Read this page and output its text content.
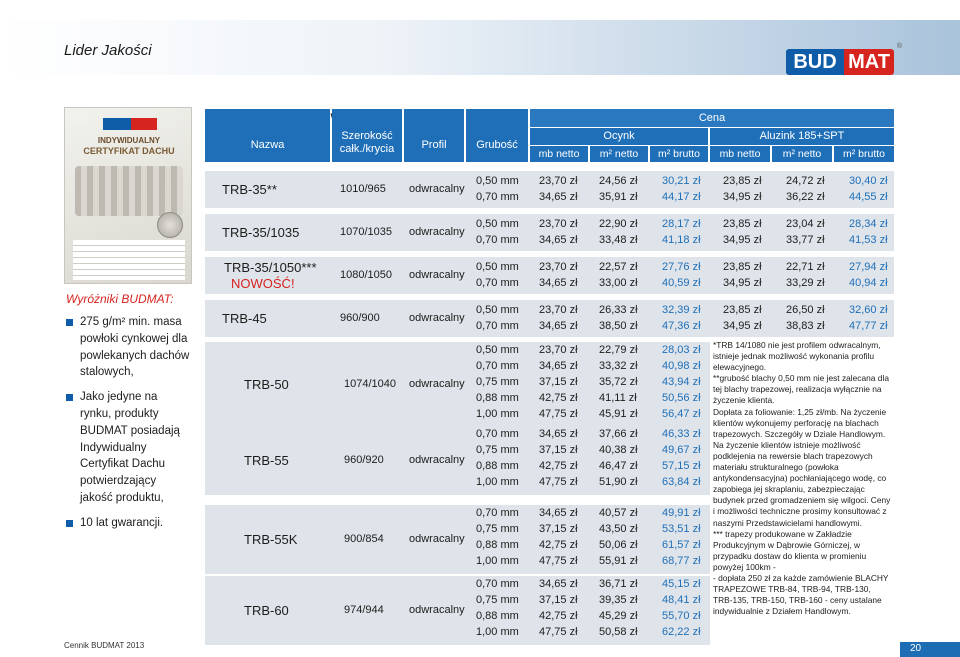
Lider Jakości
BUD MAT
®
INDYWIDUALNY
CERTYFIKAT DACHU
Wyróżniki BUDMAT:
275 g/m² min. masa powłoki cynkowej dla powlekanych dachów stalowych,
Jako jedyne na rynku, produkty BUDMAT posiadają Indywidualny Certyfikat Dachu potwierdzający jakość produktu,
10 lat gwarancji.
Cennik BUDMAT 2013	20
Nazwa
Szerokość całk./krycia	Profil	Grubość
Cena
Ocynk	Aluzink 185+SPT
mb netto	m² netto	m² brutto	mb netto	m² netto	m² brutto
TRB-35**	1010/965 odwracalny
0,50 mm 23,70 zł 24,56 zł 30,21 zł 23,85 zł 24,72 zł 30,40 zł
0,70 mm 34,65 zł 35,91 zł 44,17 zł 34,95 zł 36,22 zł 44,55 zł
TRB-35/1035	1070/1035 odwracalny
0,50 mm 23,70 zł 22,90 zł 28,17 zł 23,85 zł 23,04 zł 28,34 zł
0,70 mm 34,65 zł 33,48 zł 41,18 zł 34,95 zł 33,77 zł 41,53 zł
TRB-35/1050***
NOWOŚĆ!
1080/1050 odwracalny
0,50 mm 23,70 zł 22,57 zł 27,76 zł 23,85 zł 22,71 zł 27,94 zł
0,70 mm 34,65 zł 33,00 zł 40,59 zł 34,95 zł 33,29 zł 40,94 zł
TRB-45	960/900	odwracalny
0,50 mm 23,70 zł 26,33 zł 32,39 zł 23,85 zł 26,50 zł 32,60 zł
0,70 mm 34,65 zł 38,50 zł 47,36 zł 34,95 zł 38,83 zł 47,77 zł
TRB-50	1074/1040 odwracalny
0,50 mm 23,70 zł 22,79 zł 28,03 zł
0,70 mm 34,65 zł 33,32 zł 40,98 zł
0,75 mm 37,15 zł 35,72 zł 43,94 zł
0,88 mm 42,75 zł 41,11 zł 50,56 zł
1,00 mm 47,75 zł 45,91 zł 56,47 zł
TRB-55	960/920 odwracalny
0,70 mm 34,65 zł 37,66 zł 46,33 zł
0,75 mm 37,15 zł 40,38 zł 49,67 zł
0,88 mm 42,75 zł 46,47 zł 57,15 zł
1,00 mm 47,75 zł 51,90 zł 63,84 zł
TRB-55K	900/854 odwracalny
0,70 mm 34,65 zł 40,57 zł 49,91 zł
0,75 mm 37,15 zł 43,50 zł 53,51 zł
0,88 mm 42,75 zł 50,06 zł 61,57 zł
1,00 mm 47,75 zł 55,91 zł 68,77 zł
TRB-60	974/944 odwracalny
0,70 mm 34,65 zł 36,71 zł 45,15 zł
0,75 mm 37,15 zł 39,35 zł 48,41 zł
0,88 mm 42,75 zł 45,29 zł 55,70 zł
1,00 mm 47,75 zł 50,58 zł 62,22 zł

*TRB 14/1080 nie jest profilem odwracalnym, istnieje jednak możliwość wykonania profilu elewacyjnego.

**grubość blachy 0,50 mm nie jest zalecana dla tej blachy trapezowej, realizacja wyłącznie na życzenie klienta.

Dopłata za foliowanie: 1,25 zł/mb. Na życzenie klientów wykonujemy perforację na blachach trapezowych. Szczegóły w Dziale Handlowym.

Na życzenie klientów istnieje możliwość podklejenia na rewersie blach trapezowych materiału strukturalnego (powłoka antykondensacyjna) pochłaniającego wodę, co zapobiega jej skraplaniu, zabezpieczając budynek przed gromadzeniem się wilgoci. Ceny i możliwości techniczne prosimy konsultować z naszymi Przedstawicielami handlowymi.

*** trapezy produkowane w Zakładzie Produkcyjnym w Dąbrowie Górniczej, w przypadku dostaw do klienta w promieniu powyżej 100km -

- dopłata 250 zł za każde zamówienie BLACHY TRAPEZOWE TRB-84, TRB-94, TRB-130,

TRB-135, TRB-150, TRB-160 - ceny ustalane indywidualnie z Działem Handlowym.
